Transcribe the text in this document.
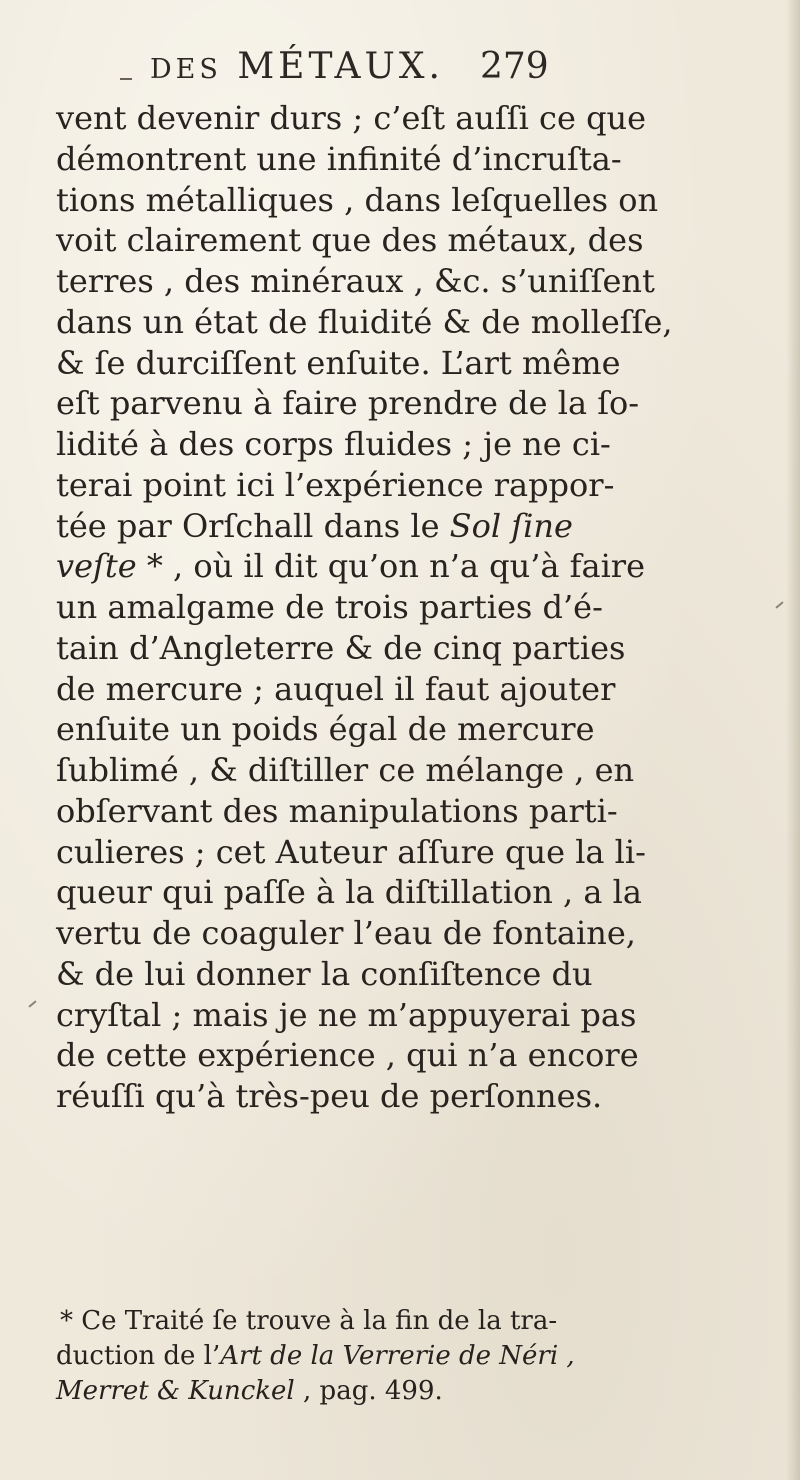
DES MÉTAUX. 279
vent devenir durs ; c’eſt auſſi ce que
démontrent une infinité d’incruſta-
tions métalliques , dans leſquelles on
voit clairement que des métaux, des
terres , des minéraux , &c. s’uniſſent
dans un état de fluidité & de molleſſe,
& ſe durciſſent enſuite. L’art même
eſt parvenu à faire prendre de la ſo-
lidité à des corps fluides ; je ne ci-
terai point ici l’expérience rappor-
tée par Orſchall dans le Sol ſine
veſte * , où il dit qu’on n’a qu’à faire
un amalgame de trois parties d’é-
tain d’Angleterre & de cinq parties
de mercure ; auquel il faut ajouter
enſuite un poids égal de mercure
ſublimé , & diſtiller ce mélange , en
obſervant des manipulations parti-
culieres ; cet Auteur aſſure que la li-
queur qui paſſe à la diſtillation , a la
vertu de coaguler l’eau de fontaine,
& de lui donner la conſiſtence du
cryſtal ; mais je ne m’appuyerai pas
de cette expérience , qui n’a encore
réuſſi qu’à très-peu de perſonnes.
* Ce Traité ſe trouve à la fin de la tra-
duction de l’Art de la Verrerie de Néri ,
Merret & Kunckel , pag. 499.
